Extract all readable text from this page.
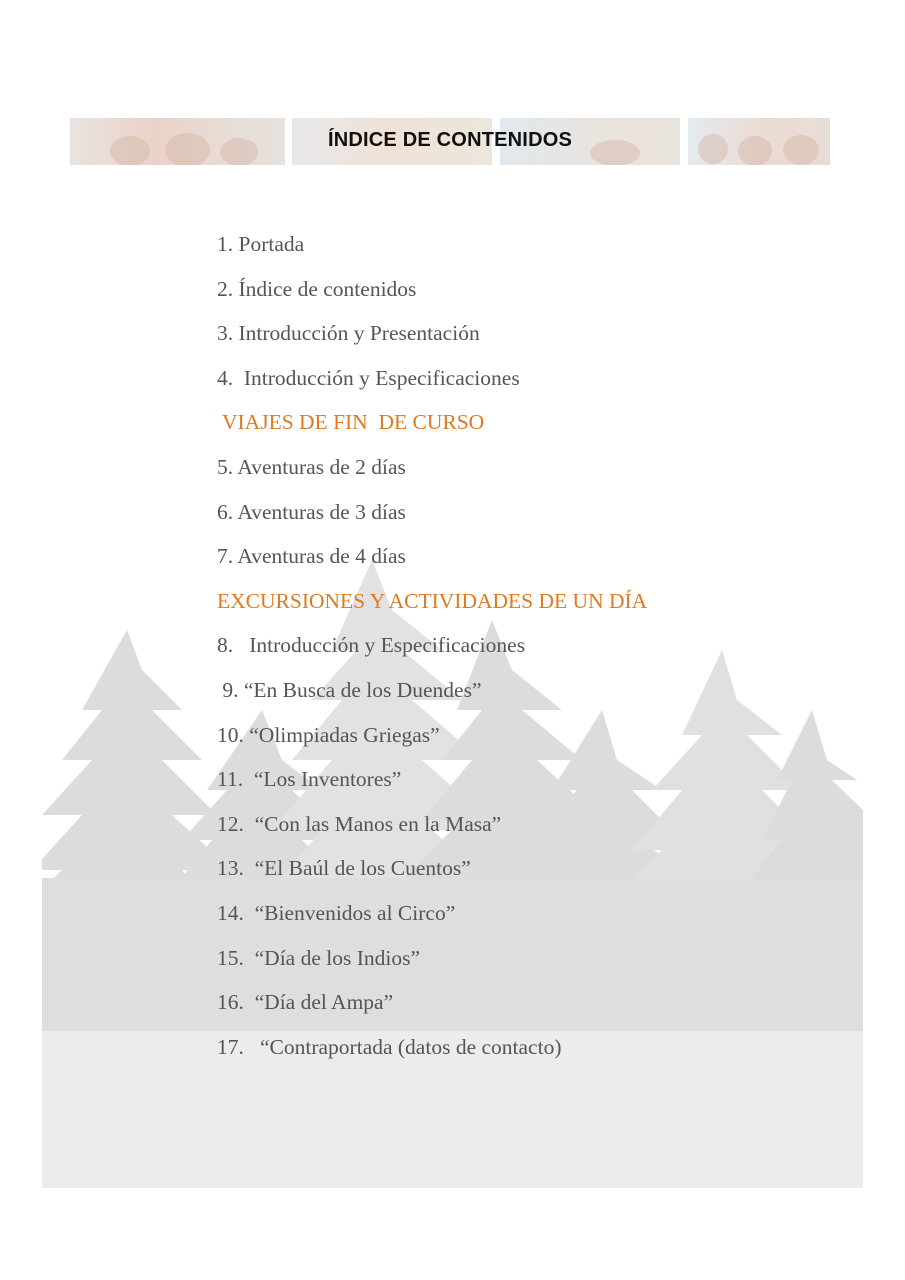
ÍNDICE DE CONTENIDOS
1. Portada
2. Índice de contenidos
3. Introducción y Presentación
4.  Introducción y Especificaciones
VIAJES DE FIN  DE CURSO
5. Aventuras de 2 días
6. Aventuras de 3 días
7. Aventuras de 4 días
EXCURSIONES Y ACTIVIDADES DE UN DÍA
8.   Introducción y Especificaciones
9. “En Busca de los Duendes”
10. “Olimpiadas Griegas”
11.  “Los Inventores”
12.  “Con las Manos en la Masa”
13.  “El Baúl de los Cuentos”
14.  “Bienvenidos al Circo”
15.  “Día de los Indios”
16.  “Día del Ampa”
17.   “Contraportada (datos de contacto)
